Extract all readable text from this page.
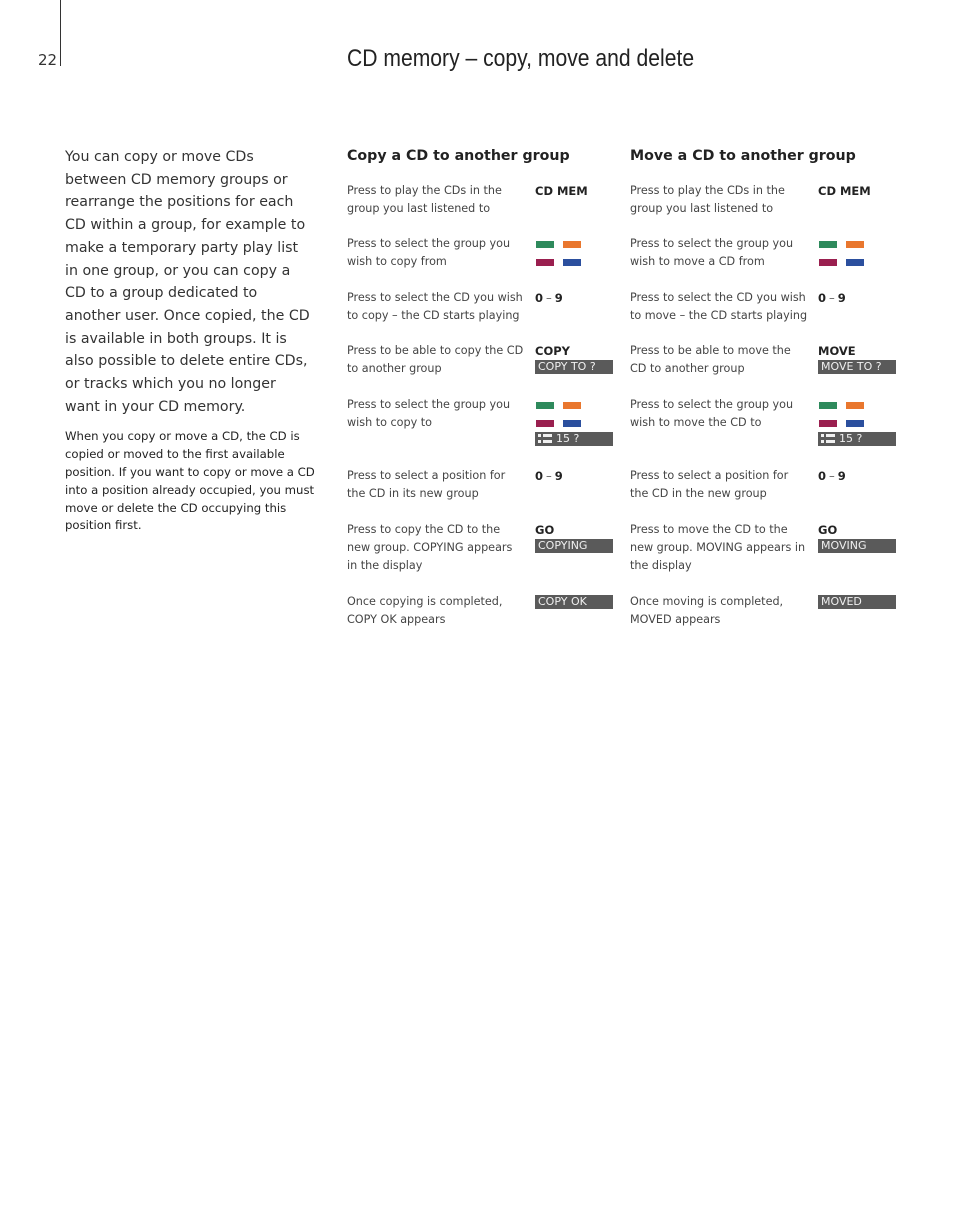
22	CD memory – copy, move and delete

You can copy or move CDs between CD memory groups or rearrange the positions for each CD within a group, for example to make a temporary party play list in one group, or you can copy a CD to a group dedicated to another user. Once copied, the CD is available in both groups. It is also possible to delete entire CDs, or tracks which you no longer want in your CD memory.

When you copy or move a CD, the CD is copied or moved to the first available position. If you want to copy or move a CD into a position already occupied, you must move or delete the CD occupying this position first.

Copy a CD to another group
Press to play the CDs in the group you last listened to
CD MEM
Press to select the group you wish to copy from
Press to select the CD you wish to copy – the CD starts playing
0 – 9
Press to be able to copy the CD to another group
COPY
COPY TO ?
Press to select the group you wish to copy to
15 ?
Press to select a position for the CD in its new group
0 – 9
Press to copy the CD to the new group. COPYING appears in the display
GO
COPYING
Once copying is completed, COPY OK appears
COPY OK
Move a CD to another group
Press to play the CDs in the group you last listened to
CD MEM
Press to select the group you wish to move a CD from
Press to select the CD you wish to move – the CD starts playing
0 – 9
Press to be able to move the CD to another group
MOVE
MOVE TO ?
Press to select the group you wish to move the CD to
15 ?
Press to select a position for the CD in the new group
0 – 9
Press to move the CD to the new group. MOVING appears in the display
GO
MOVING
Once moving is completed, MOVED appears
MOVED
